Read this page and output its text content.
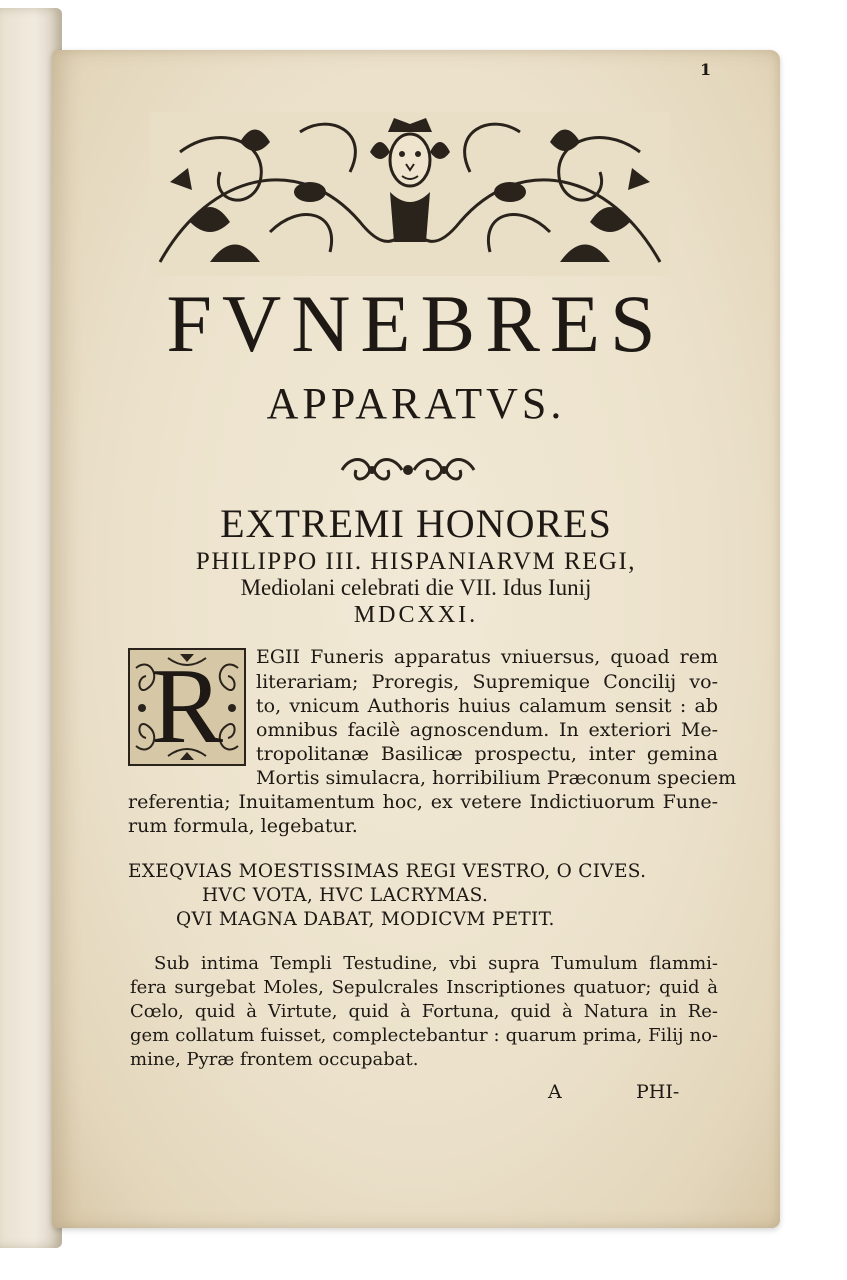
1

FVNEBRES

APPARATVS.

EXTREMI HONORES

PHILIPPO III. HISPANIARVM REGI,

Mediolani celebrati die VII. Idus Iunij

MDCXXI.

R	EGII Funeris apparatus vniuersus, quoad rem

literariam; Proregis, Supremique Concilij vo-

to, vnicum Authoris huius calamum sensit : ab

omnibus facilè agnoscendum. In exteriori Me-

tropolitanæ Basilicæ prospectu, inter gemina

Mortis simulacra, horribilium Præconum speciem

referentia; Inuitamentum hoc, ex vetere Indictiuorum Fune-

rum formula, legebatur.

EXEQVIAS MOESTISSIMAS REGI VESTRO, O CIVES.

HVC VOTA, HVC LACRYMAS.

QVI MAGNA DABAT, MODICVM PETIT.

Sub intima Templi Testudine, vbi supra Tumulum flammi-

fera surgebat Moles, Sepulcrales Inscriptiones quatuor; quid à

Cœlo, quid à Virtute, quid à Fortuna, quid à Natura in Re-

gem collatum fuisset, complectebantur : quarum prima, Filij no-

mine, Pyræ frontem occupabat.

A	PHI-
